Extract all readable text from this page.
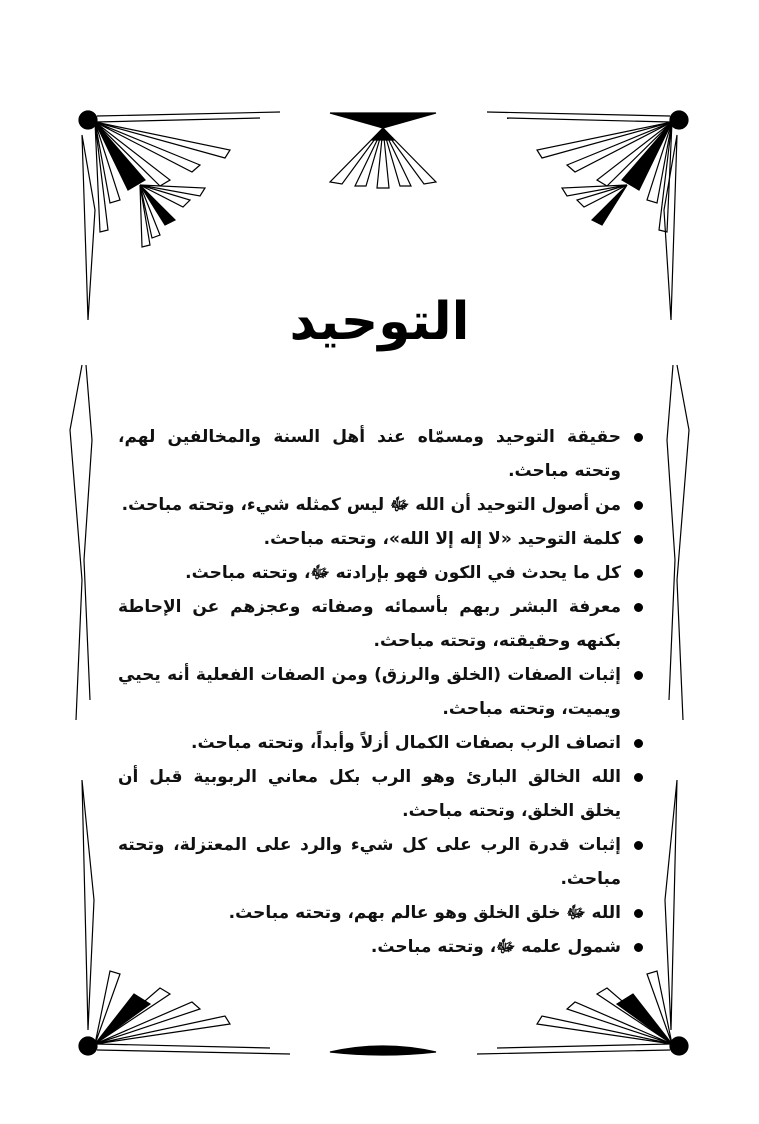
التوحيد
حقيقة التوحيد ومسمّاه عند أهل السنة والمخالفين لهم، وتحته مباحث.
من أصول التوحيد أن الله ﷻ ليس كمثله شيء، وتحته مباحث.
كلمة التوحيد «لا إله إلا الله»، وتحته مباحث.
كل ما يحدث في الكون فهو بإرادته ﷻ، وتحته مباحث.
معرفة البشر ربهم بأسمائه وصفاته وعجزهم عن الإحاطة بكنهه وحقيقته، وتحته مباحث.
إثبات الصفات (الخلق والرزق) ومن الصفات الفعلية أنه يحيي ويميت، وتحته مباحث.
اتصاف الرب بصفات الكمال أزلاً وأبداً، وتحته مباحث.
الله الخالق البارئ وهو الرب بكل معاني الربوبية قبل أن يخلق الخلق، وتحته مباحث.
إثبات قدرة الرب على كل شيء والرد على المعتزلة، وتحته مباحث.
الله ﷻ خلق الخلق وهو عالم بهم، وتحته مباحث.
شمول علمه ﷻ، وتحته مباحث.
